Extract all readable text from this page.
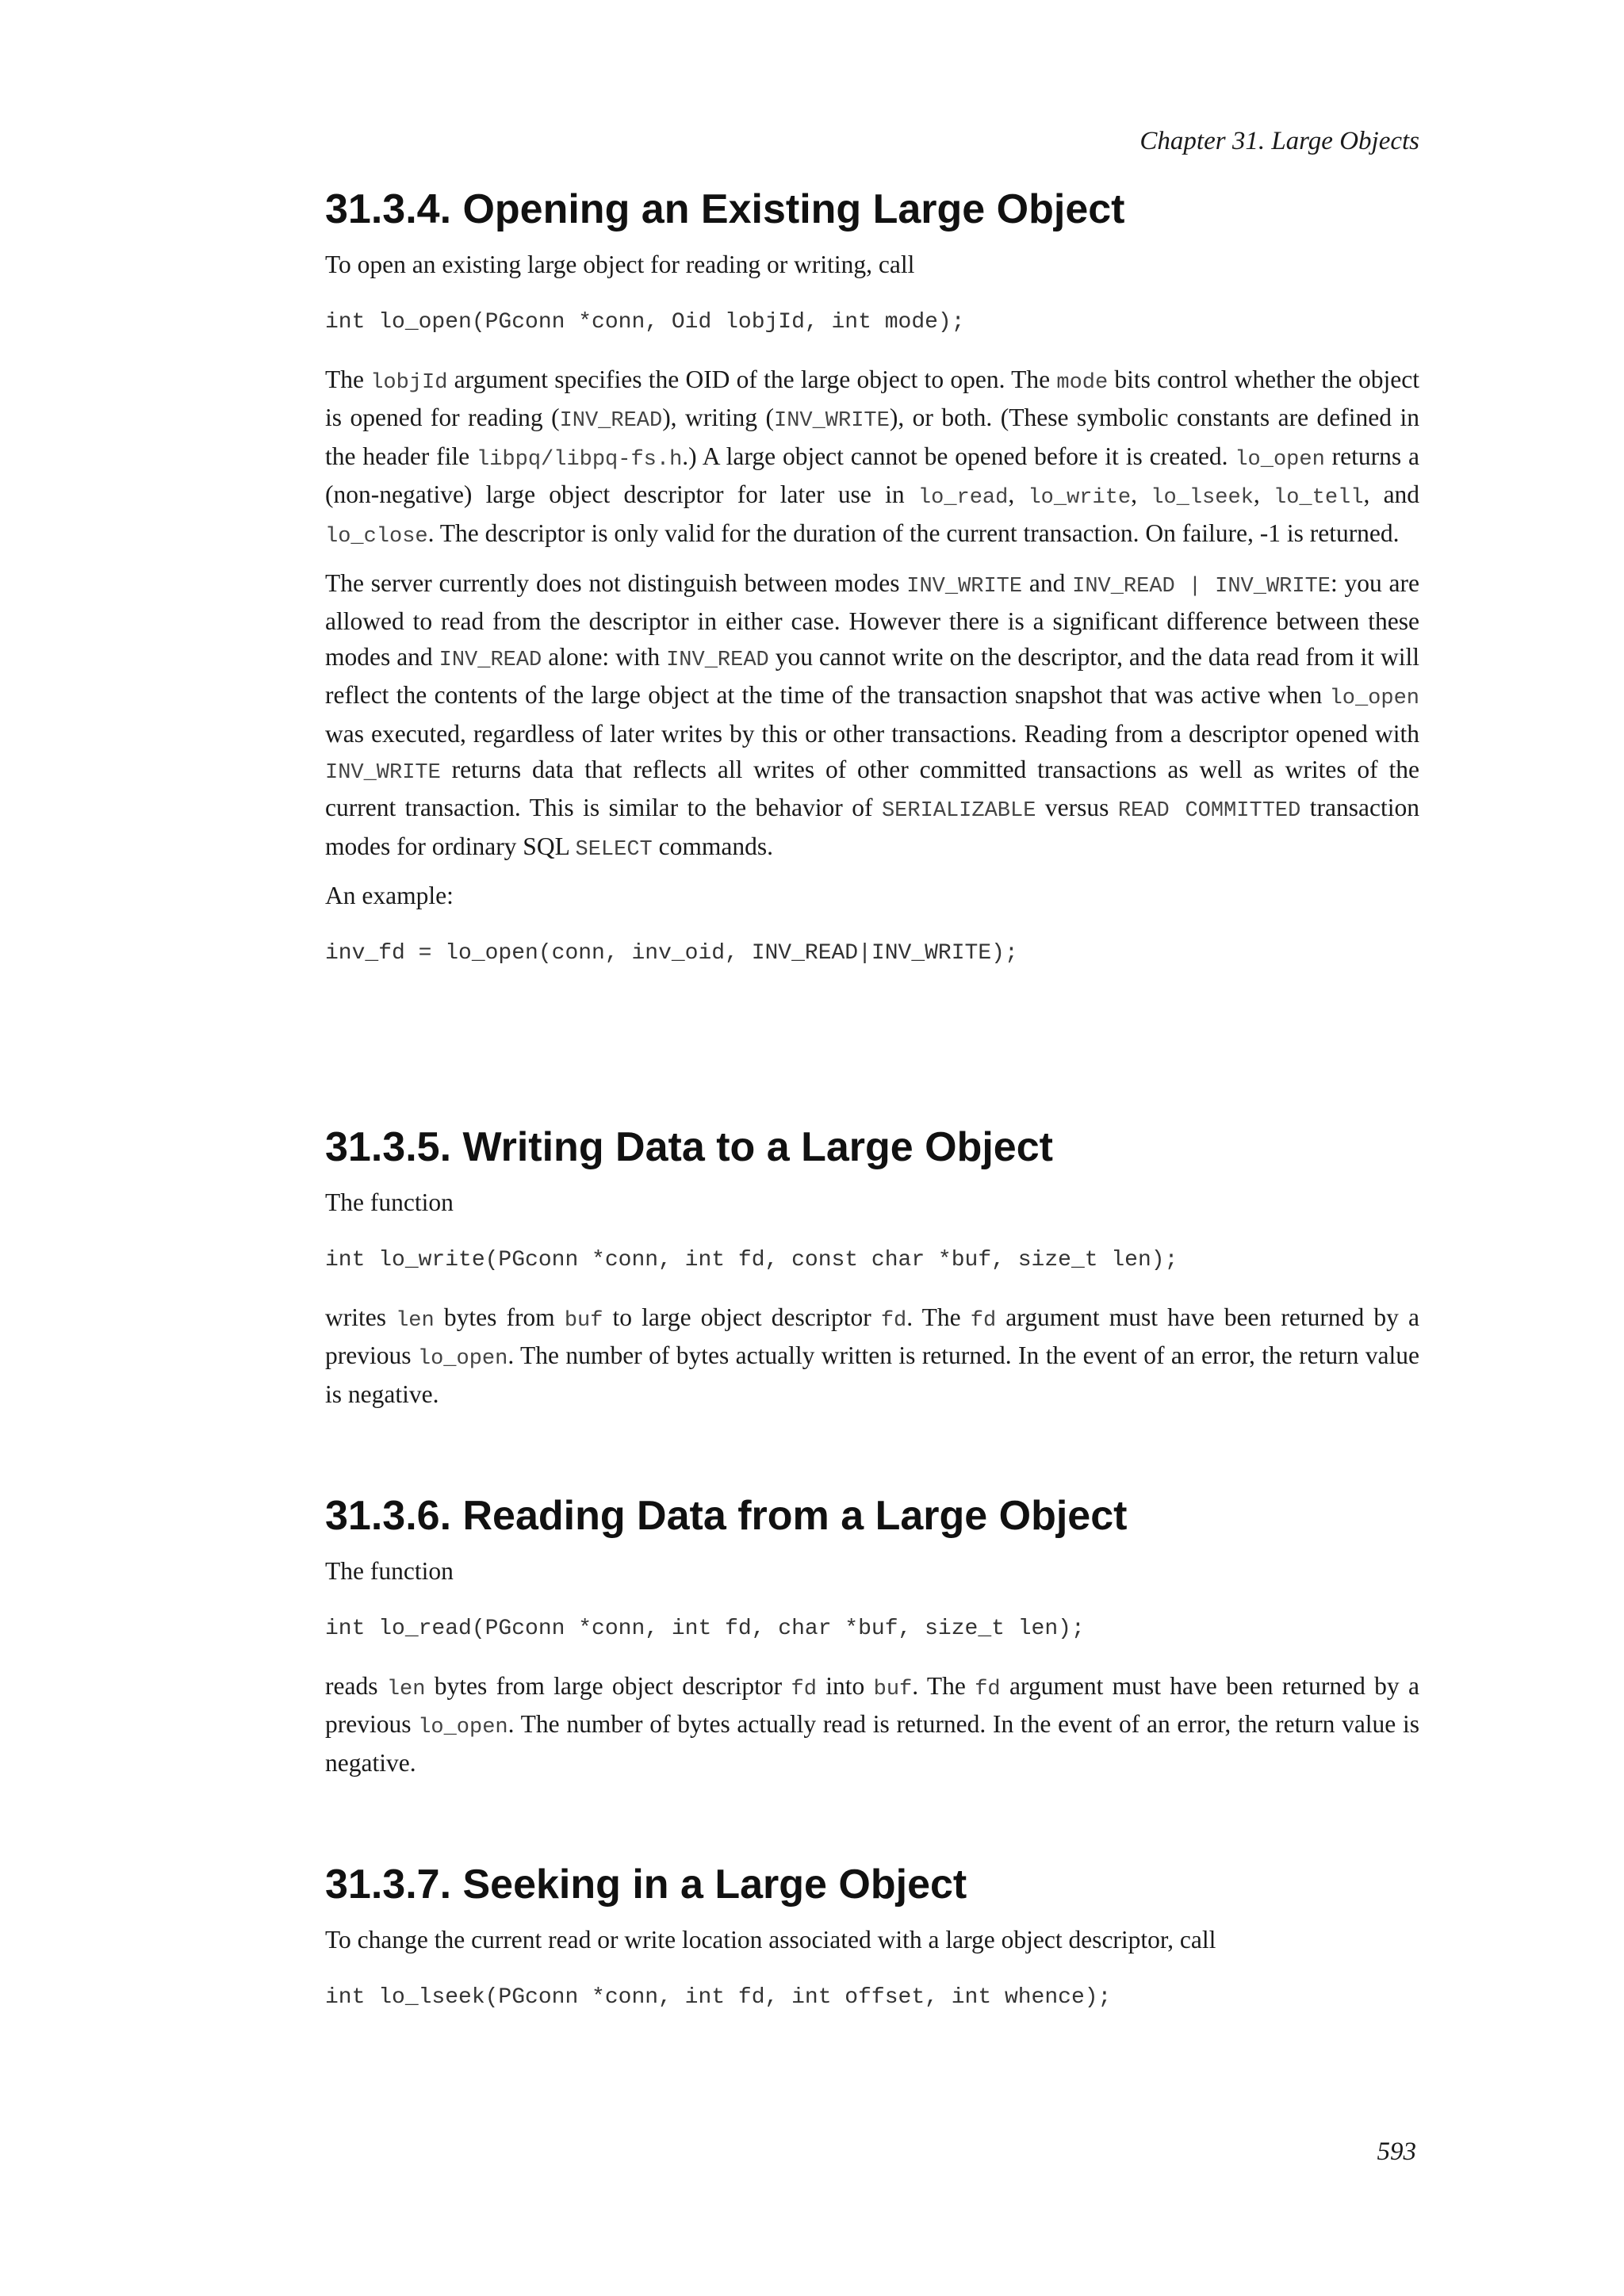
Chapter 31. Large Objects
31.3.4. Opening an Existing Large Object

To open an existing large object for reading or writing, call

int lo_open(PGconn *conn, Oid lobjId, int mode);

The lobjId argument specifies the OID of the large object to open. The mode bits control whether the object is opened for reading (INV_READ), writing (INV_WRITE), or both. (These symbolic constants are defined in the header file libpq/libpq-fs.h.) A large object cannot be opened before it is created. lo_open returns a (non-negative) large object descriptor for later use in lo_read, lo_write, lo_lseek, lo_tell, and lo_close. The descriptor is only valid for the duration of the current transaction. On failure, -1 is returned.

The server currently does not distinguish between modes INV_WRITE and INV_READ | INV_WRITE: you are allowed to read from the descriptor in either case. However there is a significant difference between these modes and INV_READ alone: with INV_READ you cannot write on the descriptor, and the data read from it will reflect the contents of the large object at the time of the transaction snapshot that was active when lo_open was executed, regardless of later writes by this or other transactions. Reading from a descriptor opened with INV_WRITE returns data that reflects all writes of other committed transactions as well as writes of the current transaction. This is similar to the behavior of SERIALIZABLE versus READ COMMITTED transaction modes for ordinary SQL SELECT commands.

An example:

inv_fd = lo_open(conn, inv_oid, INV_READ|INV_WRITE);
31.3.5. Writing Data to a Large Object

The function

int lo_write(PGconn *conn, int fd, const char *buf, size_t len);

writes len bytes from buf to large object descriptor fd. The fd argument must have been returned by a previous lo_open. The number of bytes actually written is returned. In the event of an error, the return value is negative.

31.3.6. Reading Data from a Large Object

The function

int lo_read(PGconn *conn, int fd, char *buf, size_t len);

reads len bytes from large object descriptor fd into buf. The fd argument must have been returned by a previous lo_open. The number of bytes actually read is returned. In the event of an error, the return value is negative.

31.3.7. Seeking in a Large Object

To change the current read or write location associated with a large object descriptor, call

int lo_lseek(PGconn *conn, int fd, int offset, int whence);
593
